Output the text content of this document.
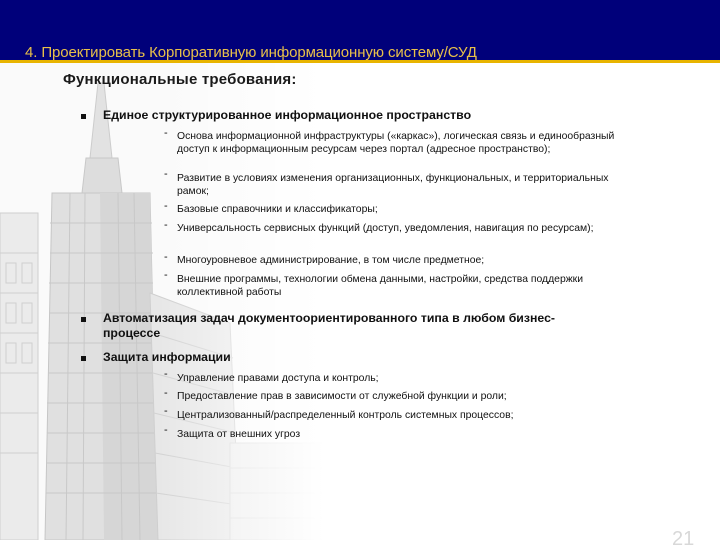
4. Проектировать Корпоративную информационную систему/СУД
Функциональные требования:
Единое структурированное информационное пространство
- Основа информационной инфраструктуры («каркас»), логическая связь и единообразный доступ к информационным ресурсам через портал (адресное пространство);
- Развитие в условиях изменения организационных, функциональных, и территориальных рамок;
- Базовые справочники и классификаторы;
- Универсальность сервисных функций (доступ, уведомления, навигация по ресурсам);
- Многоуровневое администрирование, в том числе предметное;
- Внешние программы, технологии обмена данными, настройки, средства поддержки коллективной работы
Автоматизация задач документоориентированного типа в любом бизнес-процессе
Защита информации
- Управление правами доступа и контроль;
- Предоставление прав в зависимости от служебной функции и роли;
- Централизованный/распределенный контроль системных процессов;
- Защита от внешних угроз
21
